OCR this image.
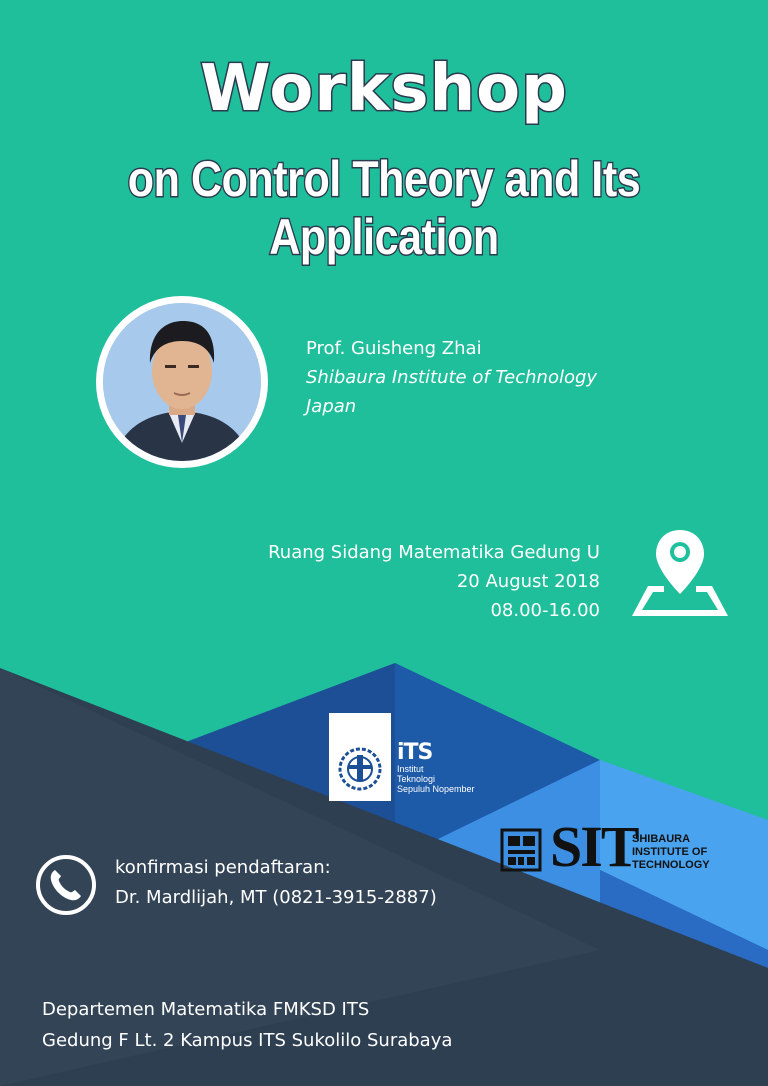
Workshop
on Control Theory and Its Application
Prof. Guisheng Zhai
Shibaura Institute of Technology
Japan
Ruang Sidang Matematika Gedung U
20 August 2018
08.00-16.00
iTS
Institut
Teknologi
Sepuluh Nopember
SIT
SHIBAURA
INSTITUTE OF
TECHNOLOGY
konfirmasi pendaftaran:
Dr. Mardlijah, MT (0821-3915-2887)
Departemen Matematika FMKSD ITS
Gedung F Lt. 2 Kampus ITS Sukolilo Surabaya
